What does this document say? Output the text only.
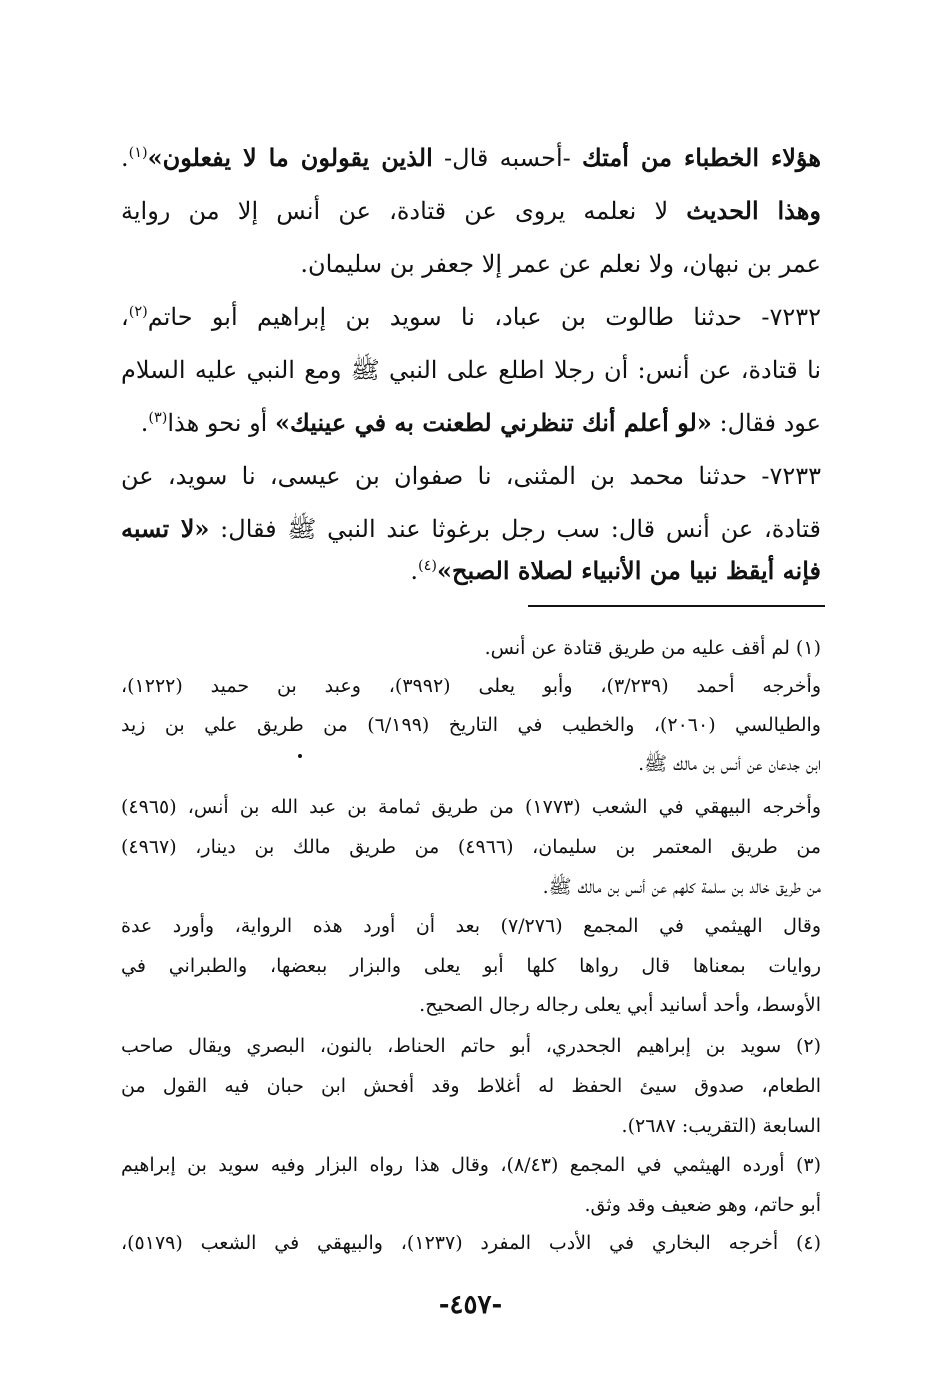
هؤلاء الخطباء من أمتك -أحسبه قال- الذين يقولون ما لا يفعلون»$^{(١)}$.
وهذا الحديث لا نعلمه يروى عن قتادة، عن أنس إلا من رواية
عمر بن نبهان، ولا نعلم عن عمر إلا جعفر بن سليمان.
٧٢٣٢- حدثنا طالوت بن عباد، نا سويد بن إبراهيم أبو حاتم$^{(٢)}$،
نا قتادة، عن أنس: أن رجلا اطلع على النبي ﷺ ومع النبي عليه السلام
عود فقال: «لو أعلم أنك تنظرني لطعنت به في عينيك» أو نحو هذا$^{(٣)}$.
٧٢٣٣- حدثنا محمد بن المثنى، نا صفوان بن عيسى، نا سويد، عن
قتادة، عن أنس قال: سب رجل برغوثا عند النبي ﷺ فقال: «لا تسبه
فإنه أيقظ نبيا من الأنبياء لصلاة الصبح»$^{(٤)}$.
(١) لم أقف عليه من طريق قتادة عن أنس.
وأخرجه أحمد (٣/٢٣٩)، وأبو يعلى (٣٩٩٢)، وعبد بن حميد (١٢٢٢)،
والطيالسي (٢٠٦٠)، والخطيب في التاريخ (٦/١٩٩) من طريق علي بن زيد
ابن جدعان عن أنس بن مالك ﷺ.
وأخرجه البيهقي في الشعب (١٧٧٣) من طريق ثمامة بن عبد الله بن أنس، (٤٩٦٥)
من طريق المعتمر بن سليمان، (٤٩٦٦) من طريق مالك بن دينار، (٤٩٦٧)
من طريق خالد بن سلمة كلهم عن أنس بن مالك ﷺ.
وقال الهيثمي في المجمع (٧/٢٧٦) بعد أن أورد هذه الرواية، وأورد عدة
روايات بمعناها قال رواها كلها أبو يعلى والبزار ببعضها، والطبراني في
الأوسط، وأحد أسانيد أبي يعلى رجاله رجال الصحيح.
(٢) سويد بن إبراهيم الجحدري، أبو حاتم الحناط، بالنون، البصري ويقال صاحب
الطعام، صدوق سيئ الحفظ له أغلاط وقد أفحش ابن حبان فيه القول من
السابعة (التقريب: ٢٦٨٧).
(٣) أورده الهيثمي في المجمع (٨/٤٣)، وقال هذا رواه البزار وفيه سويد بن إبراهيم
أبو حاتم، وهو ضعيف وقد وثق.
(٤) أخرجه البخاري في الأدب المفرد (١٢٣٧)، والبيهقي في الشعب (٥١٧٩)،
-٤٥٧-
